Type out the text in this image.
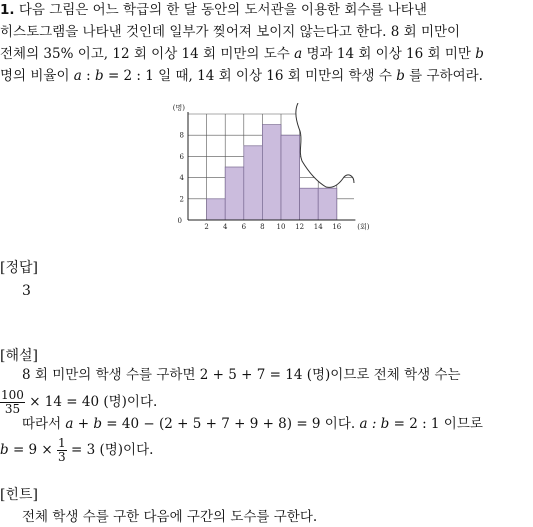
1. 다음 그림은 어느 학급의 한 달 동안의 도서관을 이용한 회수를 나타낸
히스토그램을 나타낸 것인데 일부가 찢어져 보이지 않는다고 한다. 8 회 미만이
전체의 35% 이고, 12 회 이상 14 회 미만의 도수 a 명과 14 회 이상 16 회 미만 b
명의 비율이 a : b = 2 : 1 일 때, 14 회 이상 16 회 미만의 학생 수 b 를 구하여라.
2 4 6 8 10 12 14 16
2
4
6
8
0
(명)
(회)
[정답]
3
[해설]
8 회 미만의 학생 수를 구하면 2 + 5 + 7 = 14 (명)이므로 전체 학생 수는
$\frac{100}{35} \times 14 = 40$ (명)이다.
따라서 a + b = 40 − (2 + 5 + 7 + 9 + 8) = 9 이다. a : b = 2 : 1 이므로
$b = 9 \times \frac{1}{3} = 3$ (명)이다.
[힌트]
전체 학생 수를 구한 다음에 구간의 도수를 구한다.
